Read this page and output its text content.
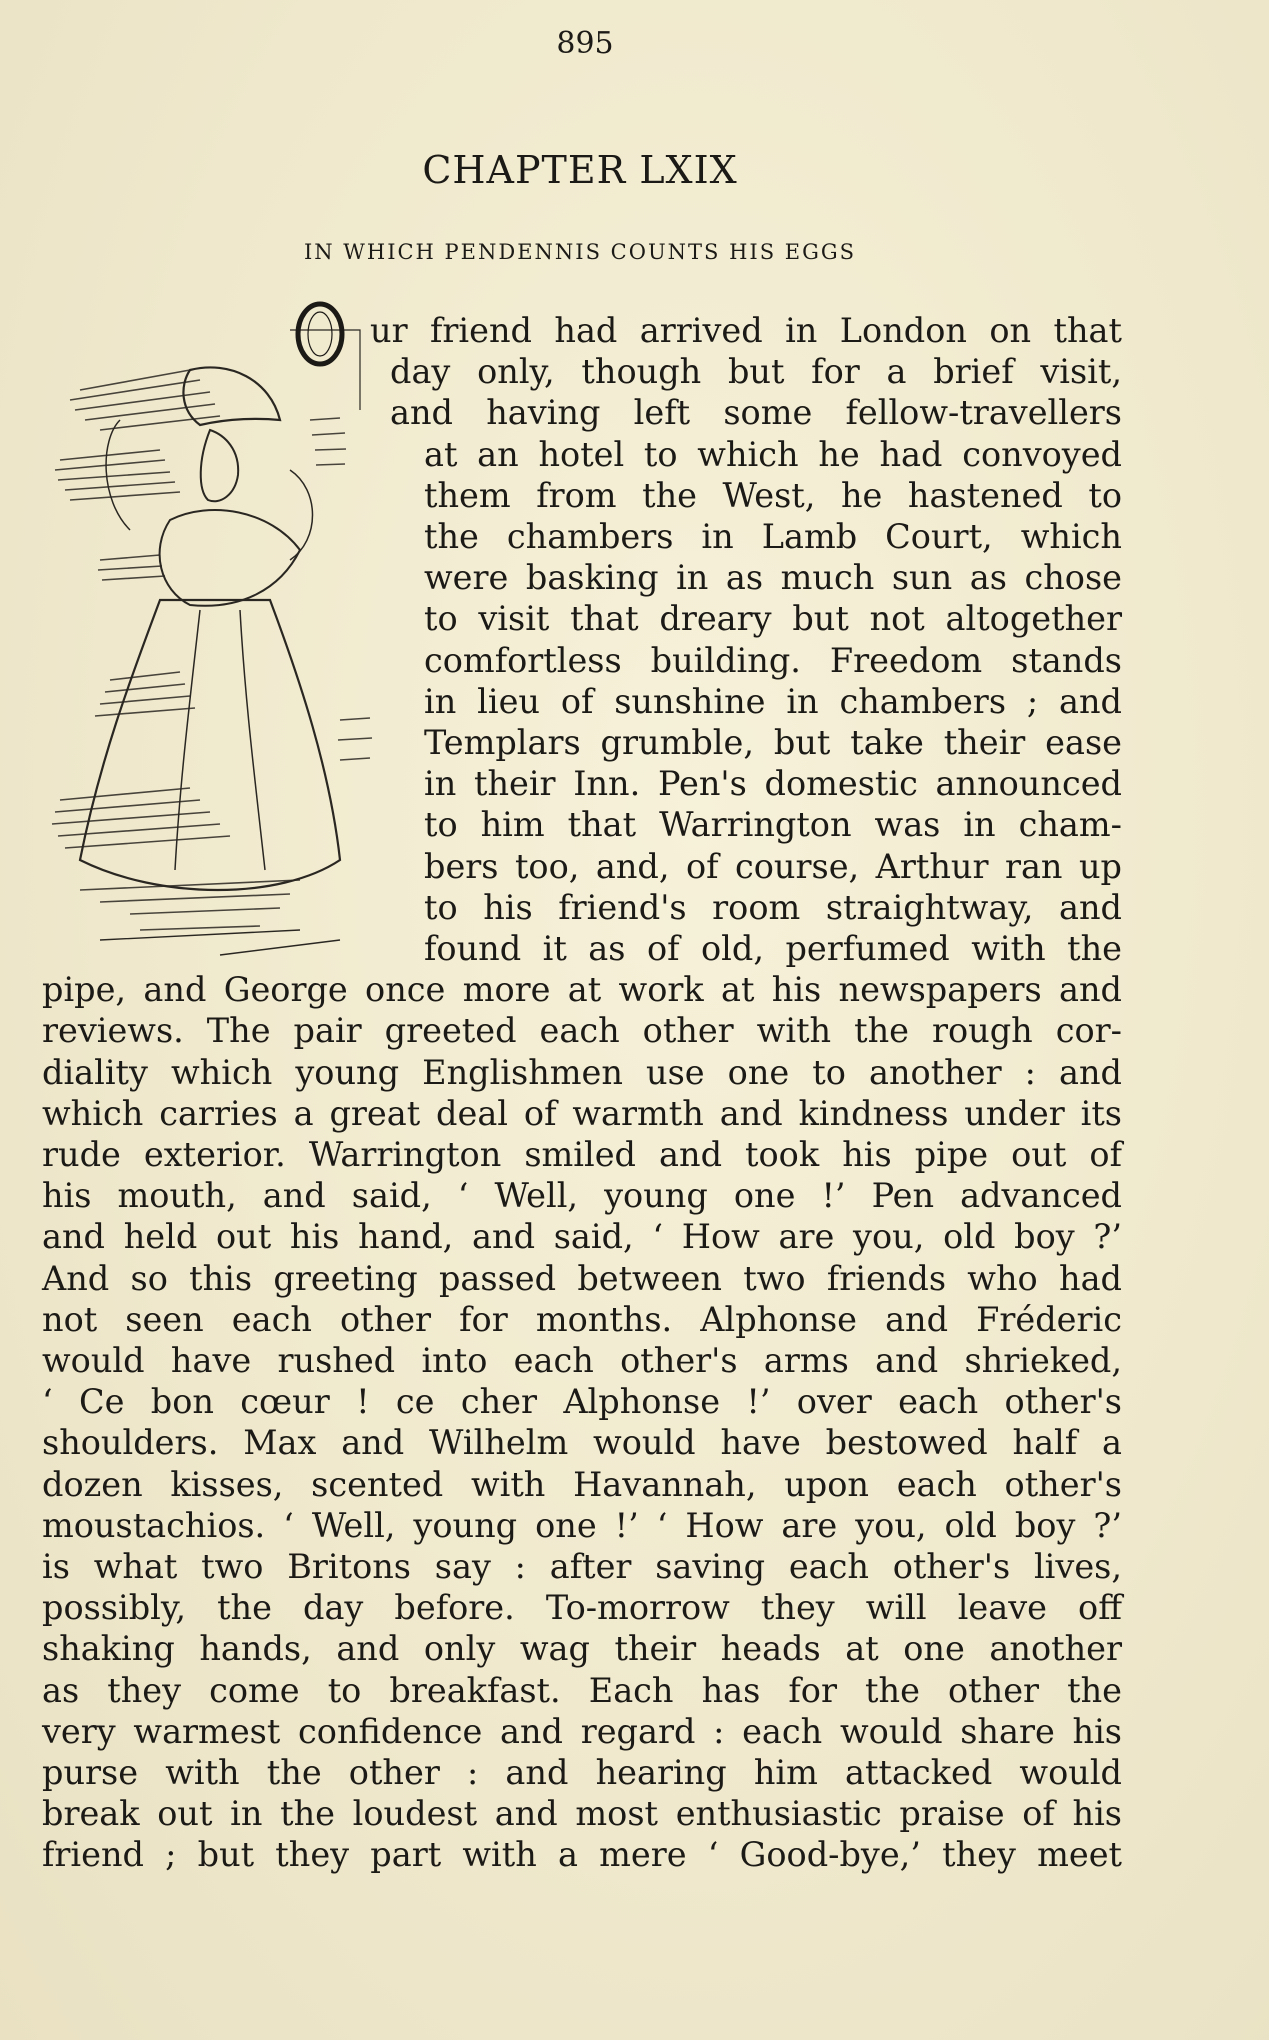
895
CHAPTER LXIX
IN WHICH PENDENNIS COUNTS HIS EGGS
ur friend had arrived in London on that
day only, though but for a brief visit,
and having left some fellow-travellers
at an hotel to which he had convoyed
them from the West, he hastened to
the chambers in Lamb Court, which
were basking in as much sun as chose
to visit that dreary but not altogether
comfortless building. Freedom stands
in lieu of sunshine in chambers ; and
Templars grumble, but take their ease
in their Inn. Pen's domestic announced
to him that Warrington was in cham-
bers too, and, of course, Arthur ran up
to his friend's room straightway, and
found it as of old, perfumed with the
pipe, and George once more at work at his newspapers and
reviews. The pair greeted each other with the rough cor-
diality which young Englishmen use one to another : and
which carries a great deal of warmth and kindness under its
rude exterior. Warrington smiled and took his pipe out of
his mouth, and said, ‘ Well, young one !’ Pen advanced
and held out his hand, and said, ‘ How are you, old boy ?’
And so this greeting passed between two friends who had
not seen each other for months. Alphonse and Fréderic
would have rushed into each other's arms and shrieked,
‘ Ce bon cœur ! ce cher Alphonse !’ over each other's
shoulders. Max and Wilhelm would have bestowed half a
dozen kisses, scented with Havannah, upon each other's
moustachios. ‘ Well, young one !’ ‘ How are you, old boy ?’
is what two Britons say : after saving each other's lives,
possibly, the day before. To-morrow they will leave off
shaking hands, and only wag their heads at one another
as they come to breakfast. Each has for the other the
very warmest confidence and regard : each would share his
purse with the other : and hearing him attacked would
break out in the loudest and most enthusiastic praise of his
friend ; but they part with a mere ‘ Good-bye,’ they meet
